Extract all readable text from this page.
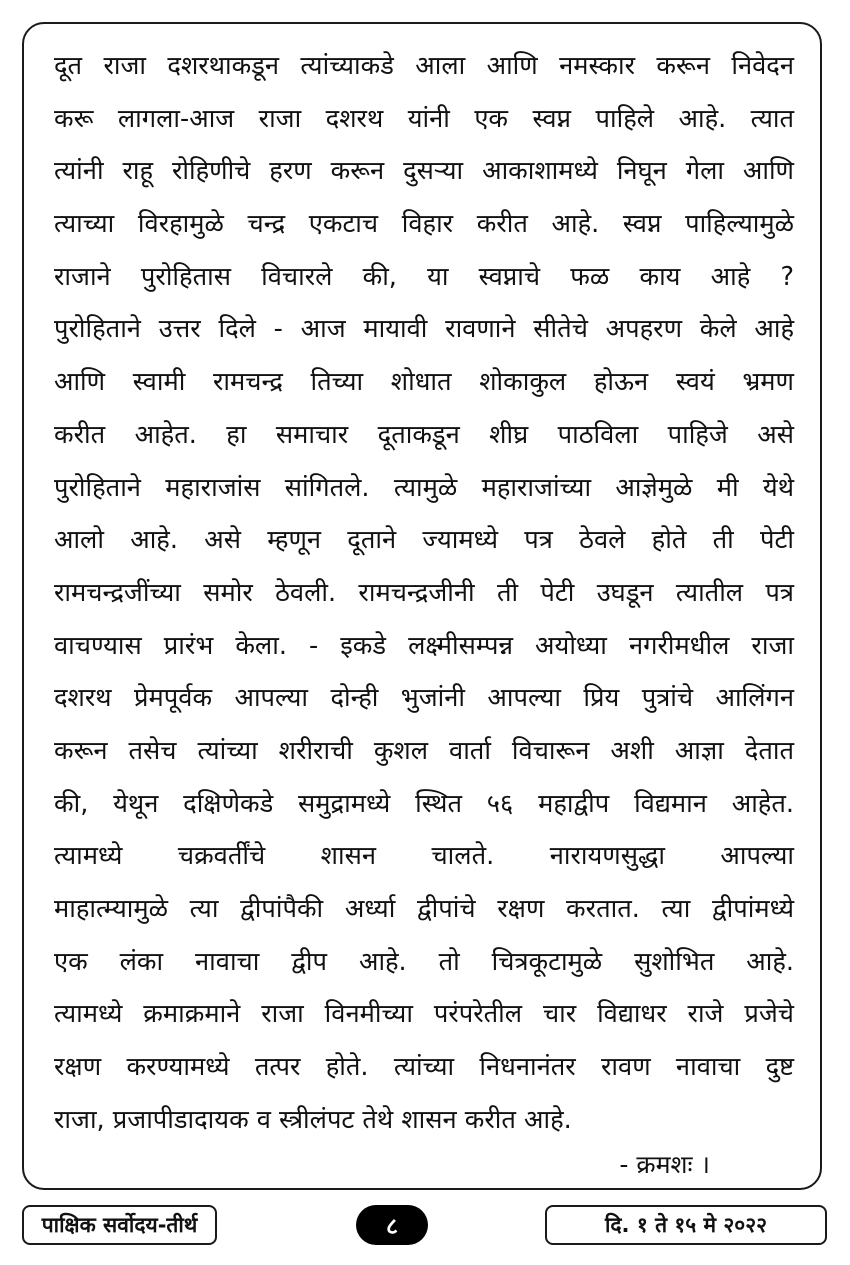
दूत राजा दशरथाकडून त्यांच्याकडे आला आणि नमस्कार करून निवेदन
करू लागला-आज राजा दशरथ यांनी एक स्वप्न पाहिले आहे. त्यात
त्यांनी राहू रोहिणीचे हरण करून दुसऱ्या आकाशामध्ये निघून गेला आणि
त्याच्या विरहामुळे चन्द्र एकटाच विहार करीत आहे. स्वप्न पाहिल्यामुळे
राजाने पुरोहितास विचारले की, या स्वप्नाचे फळ काय आहे ?
पुरोहिताने उत्तर दिले - आज मायावी रावणाने सीतेचे अपहरण केले आहे
आणि स्वामी रामचन्द्र तिच्या शोधात शोकाकुल होऊन स्वयं भ्रमण
करीत आहेत. हा समाचार दूताकडून शीघ्र पाठविला पाहिजे असे
पुरोहिताने महाराजांस सांगितले. त्यामुळे महाराजांच्या आज्ञेमुळे मी येथे
आलो आहे. असे म्हणून दूताने ज्यामध्ये पत्र ठेवले होते ती पेटी
रामचन्द्रजींच्या समोर ठेवली. रामचन्द्रजीनी ती पेटी उघडून त्यातील पत्र
वाचण्यास प्रारंभ केला. - इकडे लक्ष्मीसम्पन्न अयोध्या नगरीमधील राजा
दशरथ प्रेमपूर्वक आपल्या दोन्ही भुजांनी आपल्या प्रिय पुत्रांचे आलिंगन
करून तसेच त्यांच्या शरीराची कुशल वार्ता विचारून अशी आज्ञा देतात
की, येथून दक्षिणेकडे समुद्रामध्ये स्थित ५६ महाद्वीप विद्यमान आहेत.
त्यामध्ये चक्रवर्तींचे शासन चालते. नारायणसुद्धा आपल्या
माहात्म्यामुळे त्या द्वीपांपैकी अर्ध्या द्वीपांचे रक्षण करतात. त्या द्वीपांमध्ये
एक लंका नावाचा द्वीप आहे. तो चित्रकूटामुळे सुशोभित आहे.
त्यामध्ये क्रमाक्रमाने राजा विनमीच्या परंपरेतील चार विद्याधर राजे प्रजेचे
रक्षण करण्यामध्ये तत्पर होते. त्यांच्या निधनानंतर रावण नावाचा दुष्ट
राजा, प्रजापीडादायक व स्त्रीलंपट तेथे शासन करीत आहे.
- क्रमशः ।
पाक्षिक सर्वोदय-तीर्थ	८	दि. १ ते १५ मे २०२२
